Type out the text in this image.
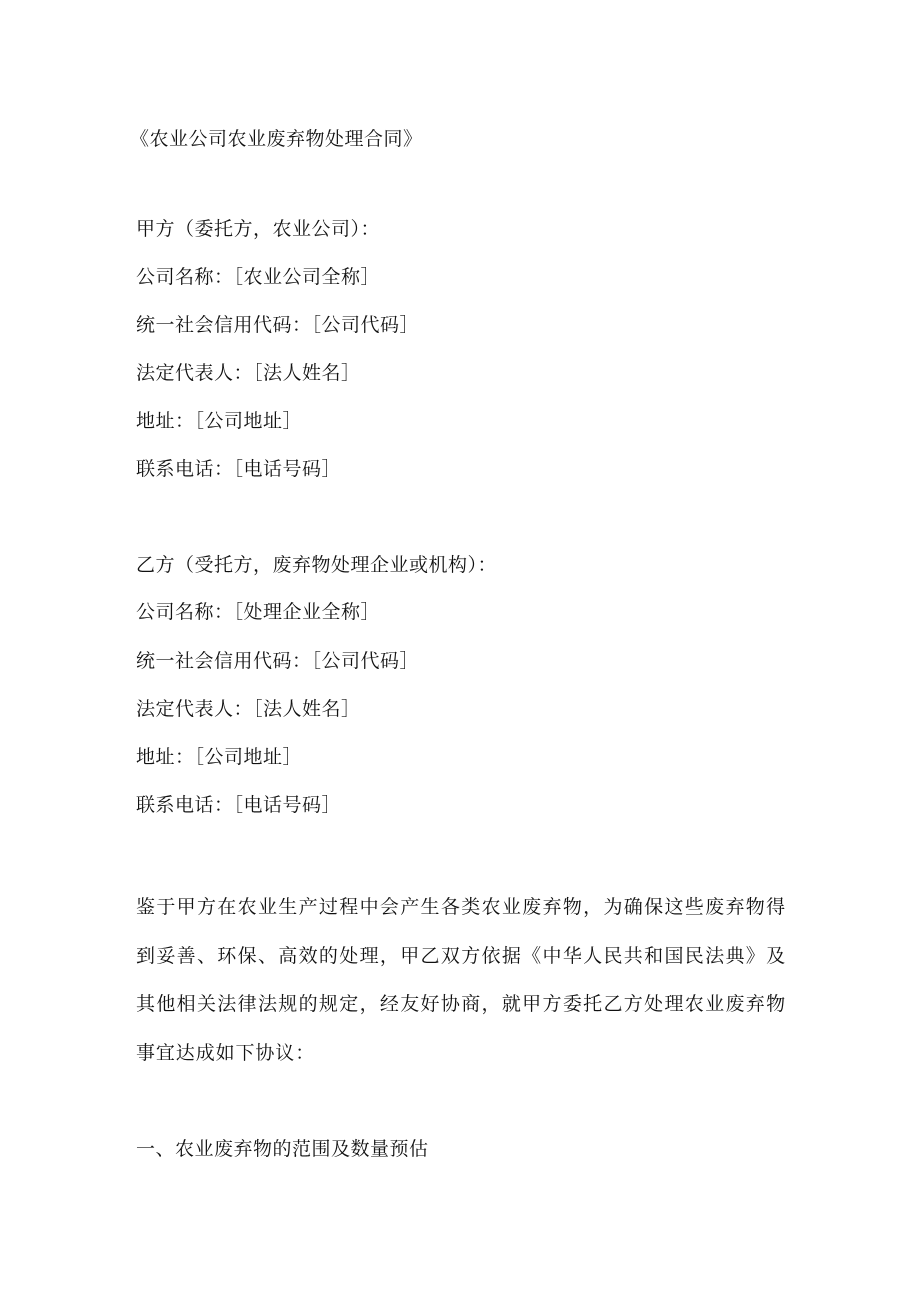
《农业公司农业废弃物处理合同》
甲方（委托方，农业公司）：
公司名称：［农业公司全称］
统一社会信用代码：［公司代码］
法定代表人：［法人姓名］
地址：［公司地址］
联系电话：［电话号码］
乙方（受托方，废弃物处理企业或机构）：
公司名称：［处理企业全称］
统一社会信用代码：［公司代码］
法定代表人：［法人姓名］
地址：［公司地址］
联系电话：［电话号码］
鉴于甲方在农业生产过程中会产生各类农业废弃物，为确保这些废弃物得到妥善、环保、高效的处理，甲乙双方依据《中华人民共和国民法典》及其他相关法律法规的规定，经友好协商，就甲方委托乙方处理农业废弃物事宜达成如下协议：
一、农业废弃物的范围及数量预估
